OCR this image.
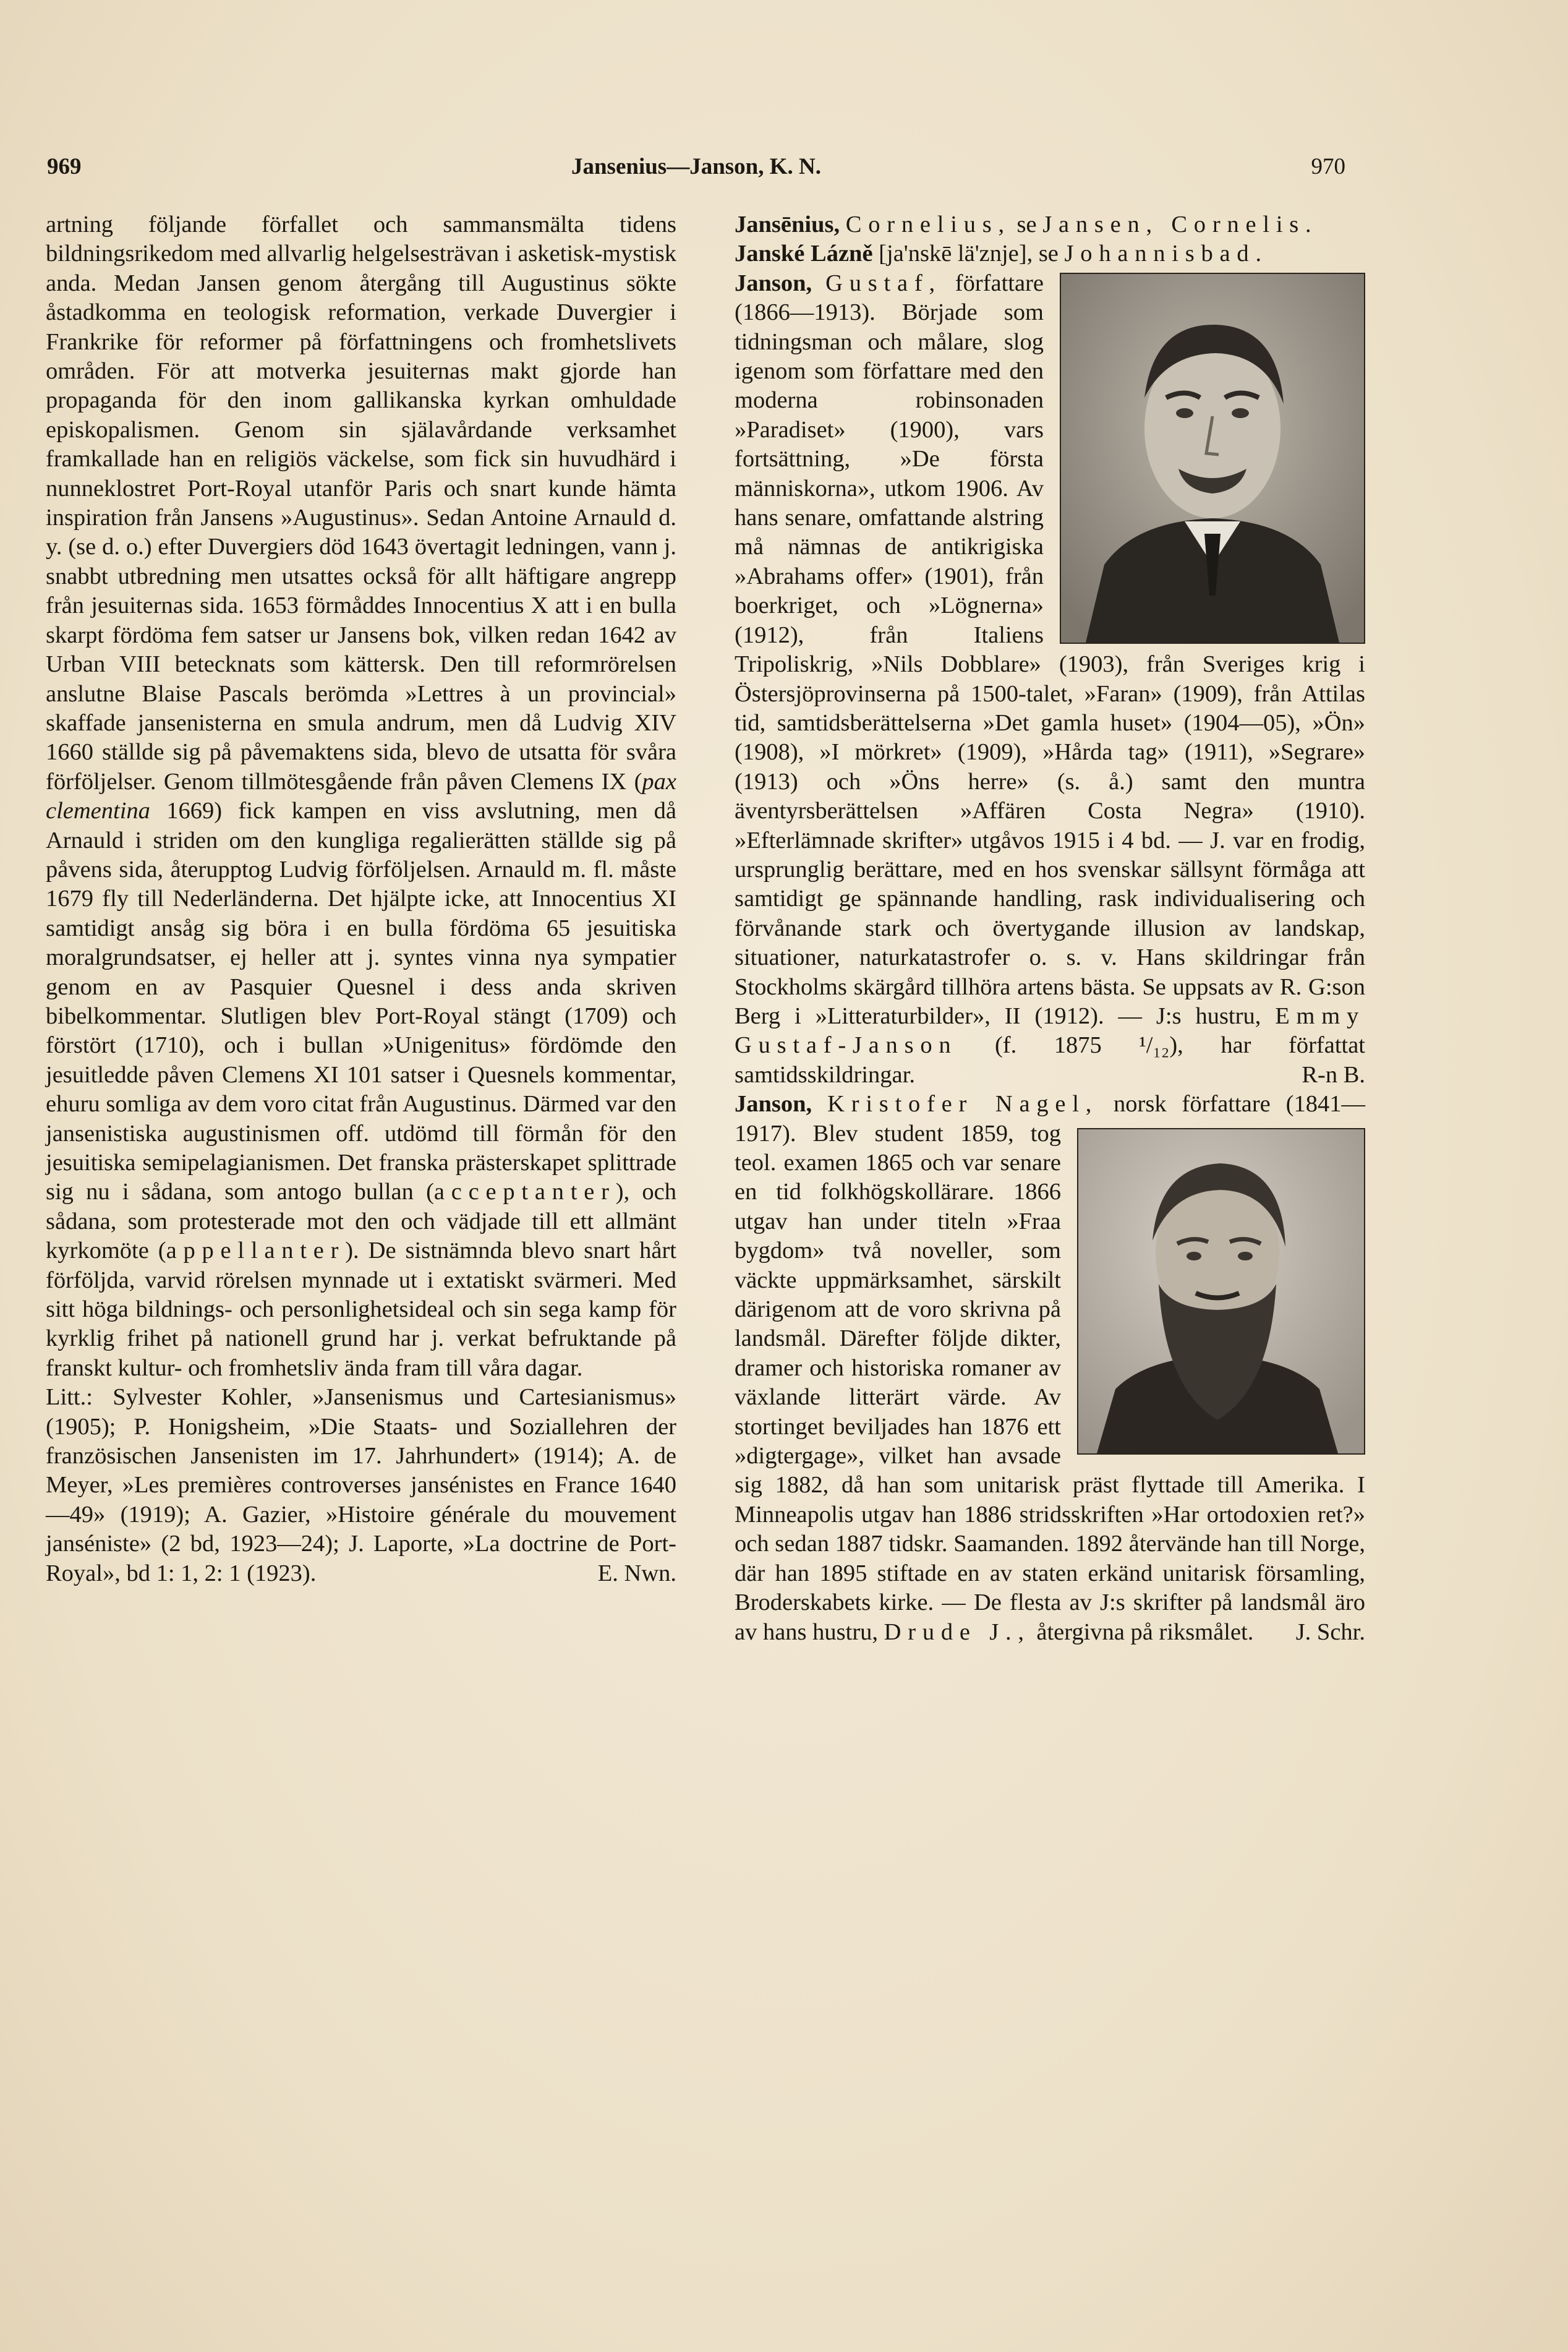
969	Jansenius—Janson, K. N.	970

artning följande förfallet och sammansmälta tidens bildningsrikedom med allvarlig helgelsesträvan i asketisk-mystisk anda. Medan Jansen genom återgång till Augustinus sökte åstadkomma en teologisk reformation, verkade Duvergier i Frankrike för reformer på författningens och fromhetslivets områden. För att motverka jesuiternas makt gjorde han propaganda för den inom gallikanska kyrkan omhuldade episkopalismen. Genom sin själavårdande verksamhet framkallade han en religiös väckelse, som fick sin huvudhärd i nunneklostret Port-Royal utanför Paris och snart kunde hämta inspiration från Jansens »Augustinus». Sedan Antoine Arnauld d. y. (se d. o.) efter Duvergiers död 1643 övertagit ledningen, vann j. snabbt utbredning men utsattes också för allt häftigare angrepp från jesuiternas sida. 1653 förmåddes Innocentius X att i en bulla skarpt fördöma fem satser ur Jansens bok, vilken redan 1642 av Urban VIII betecknats som kättersk. Den till reformrörelsen anslutne Blaise Pascals berömda »Lettres à un provincial» skaffade jansenisterna en smula andrum, men då Ludvig XIV 1660 ställde sig på påvemaktens sida, blevo de utsatta för svåra förföljelser. Genom tillmötesgående från påven Clemens IX (pax clementina 1669) fick kampen en viss avslutning, men då Arnauld i striden om den kungliga regalierätten ställde sig på påvens sida, återupptog Ludvig förföljelsen. Arnauld m. fl. måste 1679 fly till Nederländerna. Det hjälpte icke, att Innocentius XI samtidigt ansåg sig böra i en bulla fördöma 65 jesuitiska moralgrundsatser, ej heller att j. syntes vinna nya sympatier genom en av Pasquier Quesnel i dess anda skriven bibelkommentar. Slutligen blev Port-Royal stängt (1709) och förstört (1710), och i bullan »Unigenitus» fördömde den jesuitledde påven Clemens XI 101 satser i Quesnels kommentar, ehuru somliga av dem voro citat från Augustinus. Därmed var den jansenistiska augustinismen off. utdömd till förmån för den jesuitiska semipelagianismen. Det franska prästerskapet splittrade sig nu i sådana, som antogo bullan (acceptanter), och sådana, som protesterade mot den och vädjade till ett allmänt kyrkomöte (appellanter). De sistnämnda blevo snart hårt förföljda, varvid rörelsen mynnade ut i extatiskt svärmeri. Med sitt höga bildnings- och personlighetsideal och sin sega kamp för kyrklig frihet på nationell grund har j. verkat befruktande på franskt kultur- och fromhetsliv ända fram till våra dagar.

Litt.: Sylvester Kohler, »Jansenismus und Cartesianismus» (1905); P. Honigsheim, »Die Staats- und Soziallehren der französischen Jansenisten im 17. Jahrhundert» (1914); A. de Meyer, »Les premières controverses jansénistes en France 1640—49» (1919); A. Gazier, »Histoire générale du mouvement janséniste» (2 bd, 1923—24); J. Laporte, »La doctrine de Port-Royal», bd 1: 1, 2: 1 (1923).	E. Nwn.

Jansēnius, Cornelius, se Jansen, Cornelis.

Janské Lázně [ja'nskē lä'znje], se Johannisbad.

Janson, Gustaf,
författare (1866—1913). Började som tidningsman och målare, slog igenom som författare med den moderna robinsonaden »Paradiset» (1900), vars fortsättning, »De första människorna», utkom 1906. Av hans senare, omfattande alstring må nämnas de antikrigiska »Abrahams offer» (1901), från boerkriget, och »Lögnerna» (1912), från Italiens Tripoliskrig, »Nils Dobblare» (1903), från Sveriges krig i Östersjöprovinserna på 1500-talet, »Faran» (1909), från Attilas tid, samtidsberättelserna »Det gamla huset» (1904—05), »Ön» (1908), »I mörkret» (1909), »Hårda tag» (1911), »Segrare» (1913) och »Öns herre» (s. å.) samt den muntra äventyrsberättelsen »Affären Costa Negra» (1910). »Efterlämnade skrifter» utgåvos 1915 i 4 bd. — J. var en frodig, ursprunglig berättare, med en hos svenskar sällsynt förmåga att samtidigt ge spännande handling, rask individualisering och förvånande stark och övertygande illusion av landskap, situationer, naturkatastrofer o. s. v. Hans skildringar från Stockholms skärgård tillhöra artens bästa. Se uppsats av R. G:son Berg i »Litteraturbilder», II (1912). — J:s hustru, Emmy Gustaf-Janson (f. 1875 ¹/₁₂), har författat samtidsskildringar.	R-n B.

Janson, Kristofer Nagel,
norsk författare (1841—1917). Blev student 1859, tog teol. examen 1865 och var senare en tid folkhögskollärare. 1866 utgav han under titeln »Fraa bygdom» två noveller, som väckte uppmärksamhet, särskilt därigenom att de voro skrivna på landsmål. Därefter följde dikter, dramer och historiska romaner av växlande litterärt värde. Av stortinget beviljades han 1876 ett »digtergage», vilket han avsade sig 1882, då han som unitarisk präst flyttade till Amerika. I Minneapolis utgav han 1886 stridsskriften »Har ortodoxien ret?» och sedan 1887 tidskr. Saamanden. 1892 återvände han till Norge, där han 1895 stiftade en av staten erkänd unitarisk församling, Broderskabets kirke. — De flesta av J:s skrifter på landsmål äro av hans hustru, Drude J., återgivna på riksmålet. J. Schr.
